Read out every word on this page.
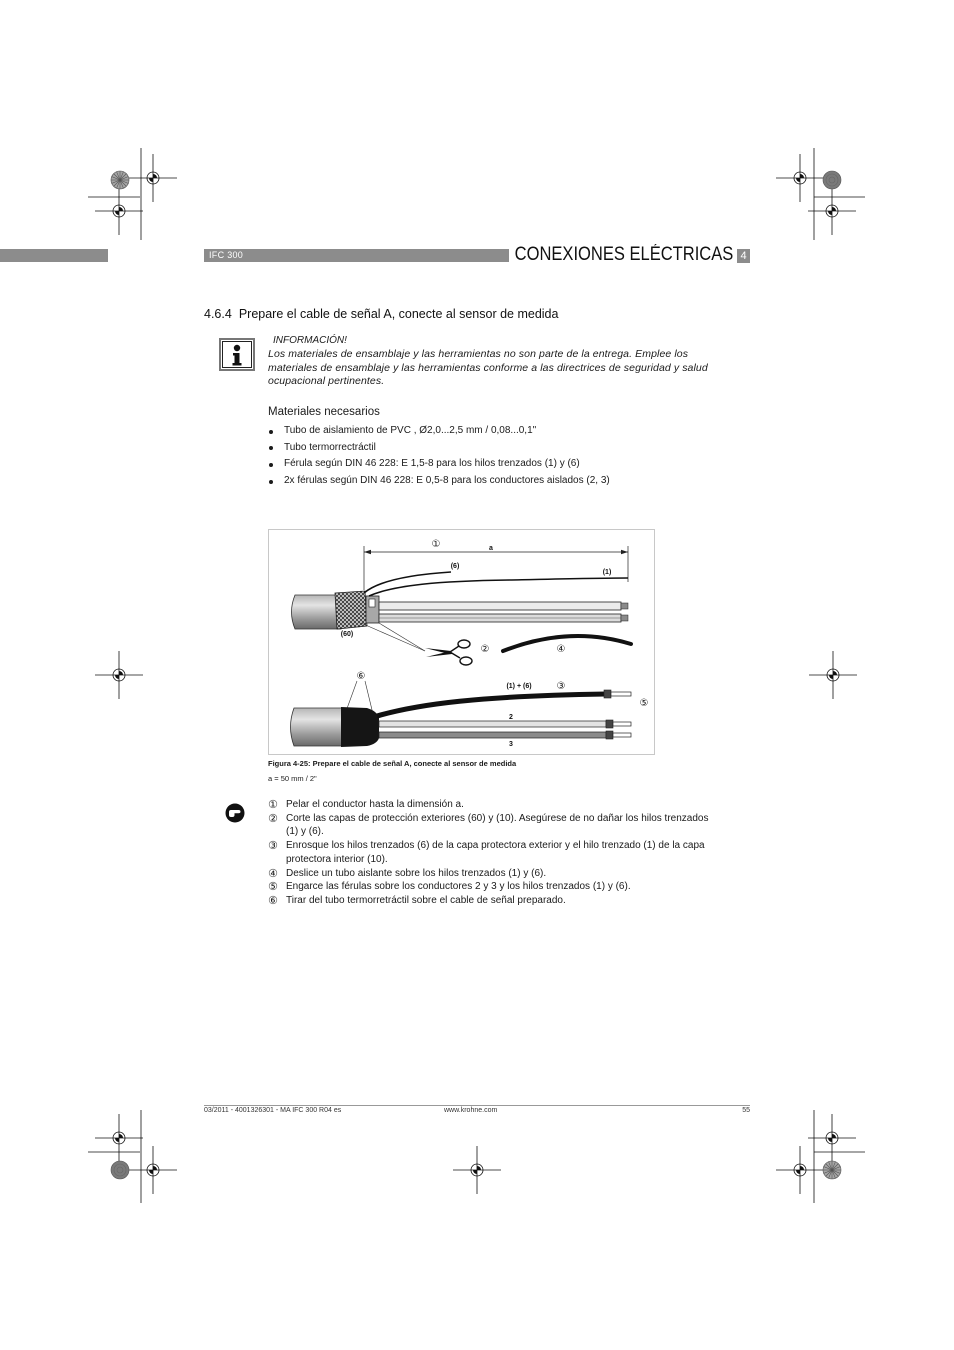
IFC 300	CONEXIONES ELÉCTRICAS 4
4.6.4 Prepare el cable de señal A, conecte al sensor de medida
INFORMACIÓN!
Los materiales de ensamblaje y las herramientas no son parte de la entrega. Emplee los
materiales de ensamblaje y las herramientas conforme a las directrices de seguridad y salud
ocupacional pertinentes.
Materiales necesarios
Tubo de aislamiento de PVC , Ø2,0...2,5 mm / 0,08...0,1"
Tubo termorrectráctil
Férula según DIN 46 228: E 1,5-8 para los hilos trenzados (1) y (6)
2x férulas según DIN 46 228: E 0,5-8 para los conductores aislados (2, 3)
①	a
(6)
(1)
(60)
②	④
⑥
(1) + (6) ③
⑤
2
3
Figura 4-25: Prepare el cable de señal A, conecte al sensor de medida
a = 50 mm / 2"
① Pelar el conductor hasta la dimensión a.
② Corte las capas de protección exteriores (60) y (10). Asegúrese de no dañar los hilos trenzados
(1) y (6).
③ Enrosque los hilos trenzados (6) de la capa protectora exterior y el hilo trenzado (1) de la capa
protectora interior (10).
④ Deslice un tubo aislante sobre los hilos trenzados (1) y (6).
⑤ Engarce las férulas sobre los conductores 2 y 3 y los hilos trenzados (1) y (6).
⑥ Tirar del tubo termorretráctil sobre el cable de señal preparado.
03/2011 - 4001326301 - MA IFC 300 R04 es	www.krohne.com	55
